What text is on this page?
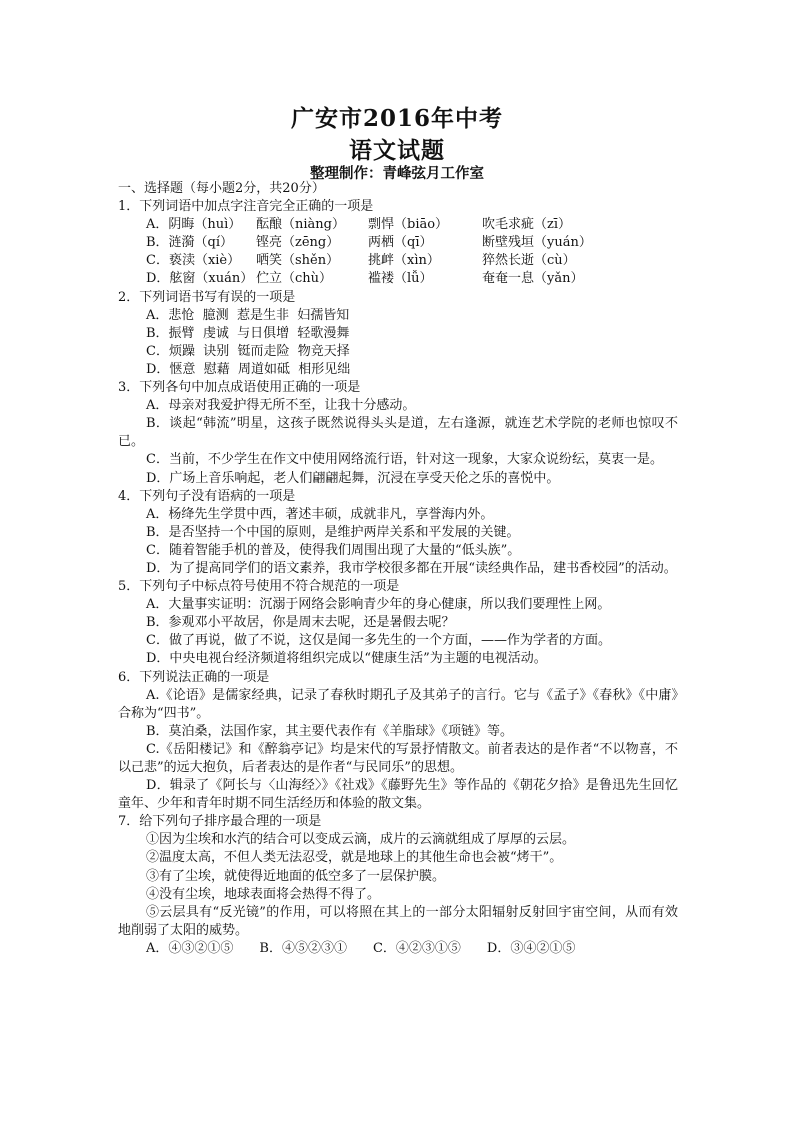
广安市2016年中考
语文试题
整理制作：青峰弦月工作室
一、选择题（每小题2分，共20分）
1．下列词语中加点字注音完全正确的一项是
A．阴晦（huì） 酝酿（niàng） 剽悍（biāo）	吹毛求疵（zī）
B．涟漪（qí） 铿亮（zēng） 两栖（qī）	断壁残垣（yuán）
C．亵渎（xiè） 哂笑（shěn） 挑衅（xìn）	猝然长逝（cù）
D．舷窗（xuán） 伫立（chù）	褴褛（lǚ）	奄奄一息（yǎn）
2．下列词语书写有误的一项是
A．悲怆 臆测 惹是生非 妇孺皆知
B．振臂 虔诚 与日俱增 轻歌漫舞
C．烦躁 诀别 铤而走险 物竞天择
D．惬意 慰藉 周道如砥 相形见绌
3．下列各句中加点成语使用正确的一项是
A．母亲对我爱护得无所不至，让我十分感动。
B．谈起“韩流”明星，这孩子既然说得头头是道，左右逢源，就连艺术学院的老师也惊叹不已。
C．当前，不少学生在作文中使用网络流行语，针对这一现象，大家众说纷纭，莫衷一是。
D．广场上音乐响起，老人们翩翩起舞，沉浸在享受天伦之乐的喜悦中。
4．下列句子没有语病的一项是
A．杨绛先生学贯中西，著述丰硕，成就非凡，享誉海内外。
B．是否坚持一个中国的原则，是维护两岸关系和平发展的关键。
C．随着智能手机的普及，使得我们周围出现了大量的“低头族”。
D．为了提高同学们的语文素养，我市学校很多都在开展“读经典作品，建书香校园”的活动。
5．下列句子中标点符号使用不符合规范的一项是
A．大量事实证明：沉溺于网络会影响青少年的身心健康，所以我们要理性上网。
B．参观邓小平故居，你是周末去呢，还是暑假去呢？
C．做了再说，做了不说，这仅是闻一多先生的一个方面，——作为学者的方面。
D．中央电视台经济频道将组织完成以“健康生活”为主题的电视活动。
6．下列说法正确的一项是
A.《论语》是儒家经典，记录了春秋时期孔子及其弟子的言行。它与《孟子》《春秋》《中庸》合称为“四书”。
B．莫泊桑，法国作家，其主要代表作有《羊脂球》《项链》等。
C.《岳阳楼记》和《醉翁亭记》均是宋代的写景抒情散文。前者表达的是作者“不以物喜，不以己悲”的远大抱负，后者表达的是作者“与民同乐”的思想。
D．辑录了《阿长与〈山海经〉》《社戏》《藤野先生》等作品的《朝花夕拾》是鲁迅先生回忆童年、少年和青年时期不同生活经历和体验的散文集。
7．给下列句子排序最合理的一项是
①因为尘埃和水汽的结合可以变成云滴，成片的云滴就组成了厚厚的云层。
②温度太高，不但人类无法忍受，就是地球上的其他生命也会被“烤干”。
③有了尘埃，就使得近地面的低空多了一层保护膜。
④没有尘埃，地球表面将会热得不得了。
⑤云层具有“反光镜”的作用，可以将照在其上的一部分太阳辐射反射回宇宙空间，从而有效地削弱了太阳的威势。
A．④③②①⑤ B．④⑤②③① C．④②③①⑤ D．③④②①⑤
